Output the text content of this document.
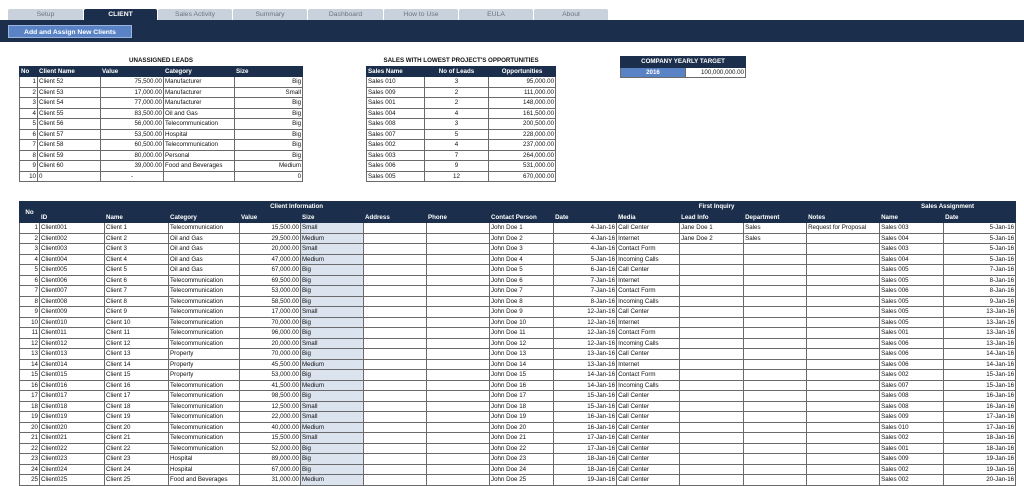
Setup	CLIENT	Sales Activity	Summary	Dashboard	How to Use	EULA	About
Add and Assign New Clients
UNASSIGNED LEADS				
No	Client Name	Value	Category	Size
1	Client 52	75,500.00	Manufacturer	Big
2	Client 53	17,000.00	Manufacturer	Small
3	Client 54	77,000.00	Manufacturer	Big
4	Client 55	83,500.00	Oil and Gas	Big
5	Client 56	56,000.00	Telecommunication	Big
6	Client 57	53,500.00	Hospital	Big
7	Client 58	60,500.00	Telecommunication	Big
8	Client 59	80,000.00	Personal	Big
9	Client 60	39,000.00	Food and Beverages	Medium
10	0	-		0
SALES WITH LOWEST PROJECT'S OPPORTUNITIES		
Sales Name	No of Leads	Opportunities
Sales 010	3	95,000.00
Sales 009	2	111,000.00
Sales 001	2	148,000.00
Sales 004	4	161,500.00
Sales 008	3	200,500.00
Sales 007	5	228,000.00
Sales 002	4	237,000.00
Sales 003	7	264,000.00
Sales 006	9	531,000.00
Sales 005	12	670,000.00
COMPANY YEARLY TARGET
2016	100,000,000.00
No	Client Information								First Inquiry					Sales Assignment	
	ID	Name	Category	Value	Size	Address	Phone	Contact Person	Date	Media	Lead Info	Department	Notes	Name	Date
1	Client001	Client 1	Telecommunication	15,500.00	Small			John Doe 1	4-Jan-16	Call Center	Jane Doe 1	Sales	Request for Proposal	Sales 003	5-Jan-16
2	Client002	Client 2	Oil and Gas	29,500.00	Medium			John Doe 2	4-Jan-16	Internet	Jane Doe 2	Sales		Sales 004	5-Jan-16
3	Client003	Client 3	Oil and Gas	20,000.00	Small			John Doe 3	4-Jan-16	Contact Form				Sales 003	5-Jan-16
4	Client004	Client 4	Oil and Gas	47,000.00	Medium			John Doe 4	5-Jan-16	Incoming Calls				Sales 004	5-Jan-16
5	Client005	Client 5	Oil and Gas	67,000.00	Big			John Doe 5	6-Jan-16	Call Center				Sales 005	7-Jan-16
6	Client006	Client 6	Telecommunication	69,500.00	Big			John Doe 6	7-Jan-16	Internet				Sales 005	8-Jan-16
7	Client007	Client 7	Telecommunication	53,000.00	Big			John Doe 7	7-Jan-16	Contact Form				Sales 006	8-Jan-16
8	Client008	Client 8	Telecommunication	58,500.00	Big			John Doe 8	8-Jan-16	Incoming Calls				Sales 005	9-Jan-16
9	Client009	Client 9	Telecommunication	17,000.00	Small			John Doe 9	12-Jan-16	Call Center				Sales 005	13-Jan-16
10	Client010	Client 10	Telecommunication	70,000.00	Big			John Doe 10	12-Jan-16	Internet				Sales 005	13-Jan-16
11	Client011	Client 11	Telecommunication	96,000.00	Big			John Doe 11	12-Jan-16	Contact Form				Sales 001	13-Jan-16
12	Client012	Client 12	Telecommunication	20,000.00	Small			John Doe 12	12-Jan-16	Incoming Calls				Sales 006	13-Jan-16
13	Client013	Client 13	Property	70,000.00	Big			John Doe 13	13-Jan-16	Call Center				Sales 006	14-Jan-16
14	Client014	Client 14	Property	45,500.00	Medium			John Doe 14	13-Jan-16	Internet				Sales 006	14-Jan-16
15	Client015	Client 15	Property	53,000.00	Big			John Doe 15	14-Jan-16	Contact Form				Sales 002	15-Jan-16
16	Client016	Client 16	Telecommunication	41,500.00	Medium			John Doe 16	14-Jan-16	Incoming Calls				Sales 007	15-Jan-16
17	Client017	Client 17	Telecommunication	98,500.00	Big			John Doe 17	15-Jan-16	Call Center				Sales 008	16-Jan-16
18	Client018	Client 18	Telecommunication	12,500.00	Small			John Doe 18	15-Jan-16	Call Center				Sales 008	16-Jan-16
19	Client019	Client 19	Telecommunication	22,000.00	Small			John Doe 19	16-Jan-16	Call Center				Sales 009	17-Jan-16
20	Client020	Client 20	Telecommunication	40,000.00	Medium			John Doe 20	16-Jan-16	Call Center				Sales 010	17-Jan-16
21	Client021	Client 21	Telecommunication	15,500.00	Small			John Doe 21	17-Jan-16	Call Center				Sales 002	18-Jan-16
22	Client022	Client 22	Telecommunication	52,000.00	Big			John Doe 22	17-Jan-16	Call Center				Sales 001	18-Jan-16
23	Client023	Client 23	Hospital	89,000.00	Big			John Doe 23	18-Jan-16	Call Center				Sales 009	19-Jan-16
24	Client024	Client 24	Hospital	67,000.00	Big			John Doe 24	18-Jan-16	Call Center				Sales 002	19-Jan-16
25	Client025	Client 25	Food and Beverages	31,000.00	Medium			John Doe 25	19-Jan-16	Call Center				Sales 002	20-Jan-16
